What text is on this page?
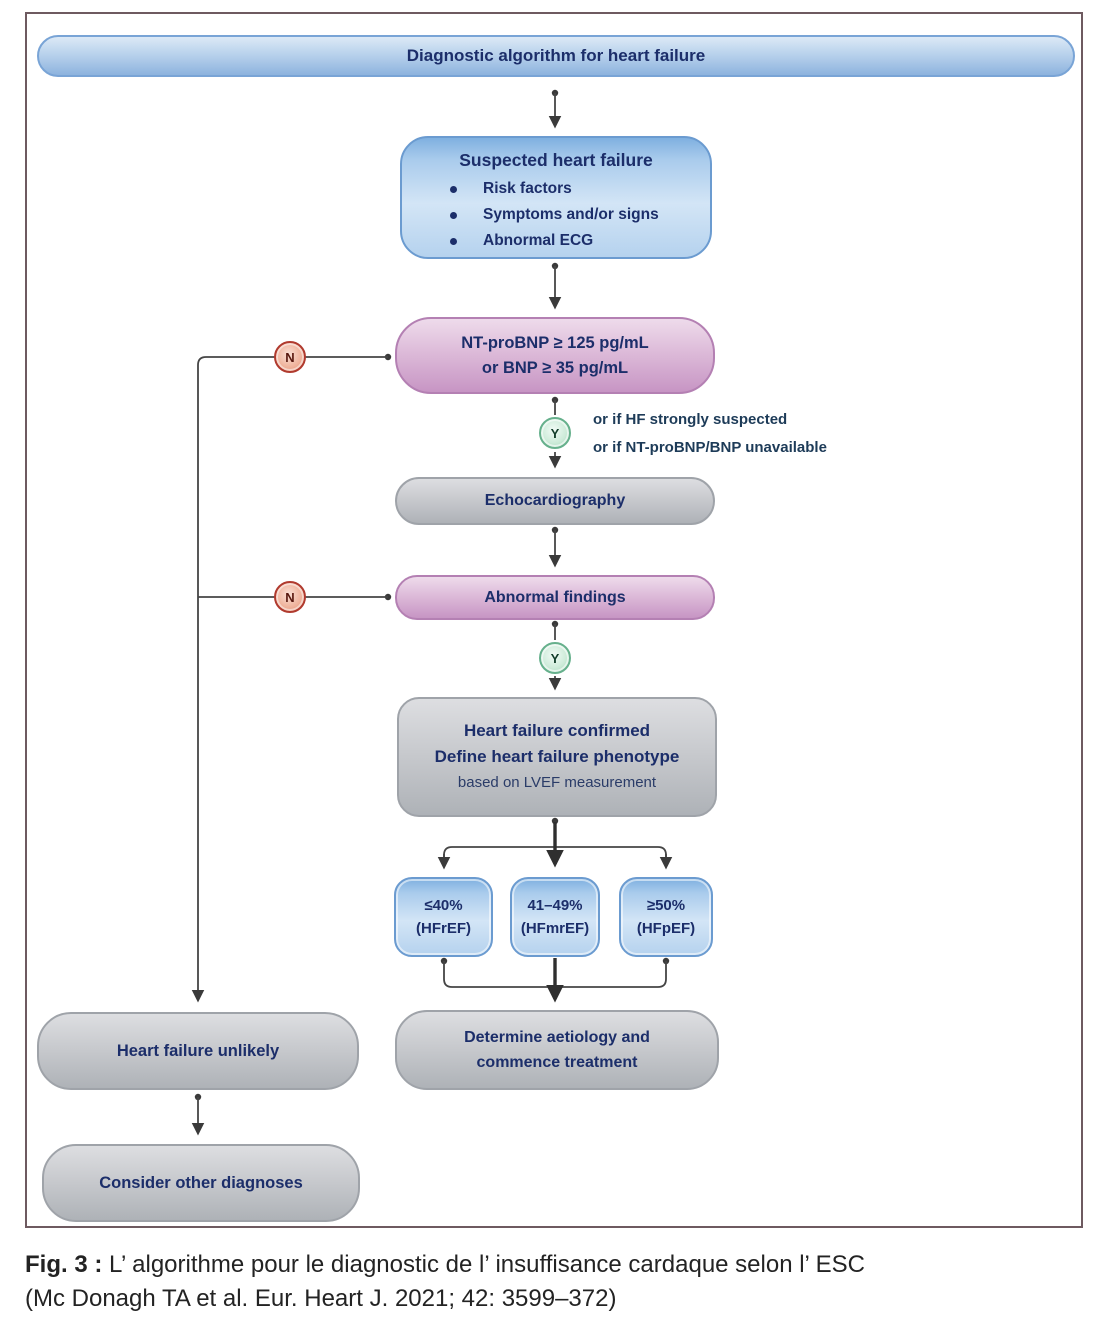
Diagnostic algorithm for heart failure
Suspected heart failure
Risk factors
Symptoms and/or signs
Abnormal ECG
NT-proBNP ≥ 125 pg/mL
or BNP ≥ 35 pg/mL
N
Y
or if HF strongly suspected
or if NT-proBNP/BNP unavailable
Echocardiography
Abnormal findings
N
Y
Heart failure confirmed
Define heart failure phenotype
based on LVEF measurement
≤40%
(HFrEF)
41–49%
(HFmrEF)
≥50%
(HFpEF)
Determine aetiology and
commence treatment
Heart failure unlikely
Consider other diagnoses
Fig. 3 : L’ algorithme pour le diagnostic de l’ insuffisance cardaque selon l’ ESC
(Mc Donagh TA et al. Eur. Heart J. 2021; 42: 3599–372)
